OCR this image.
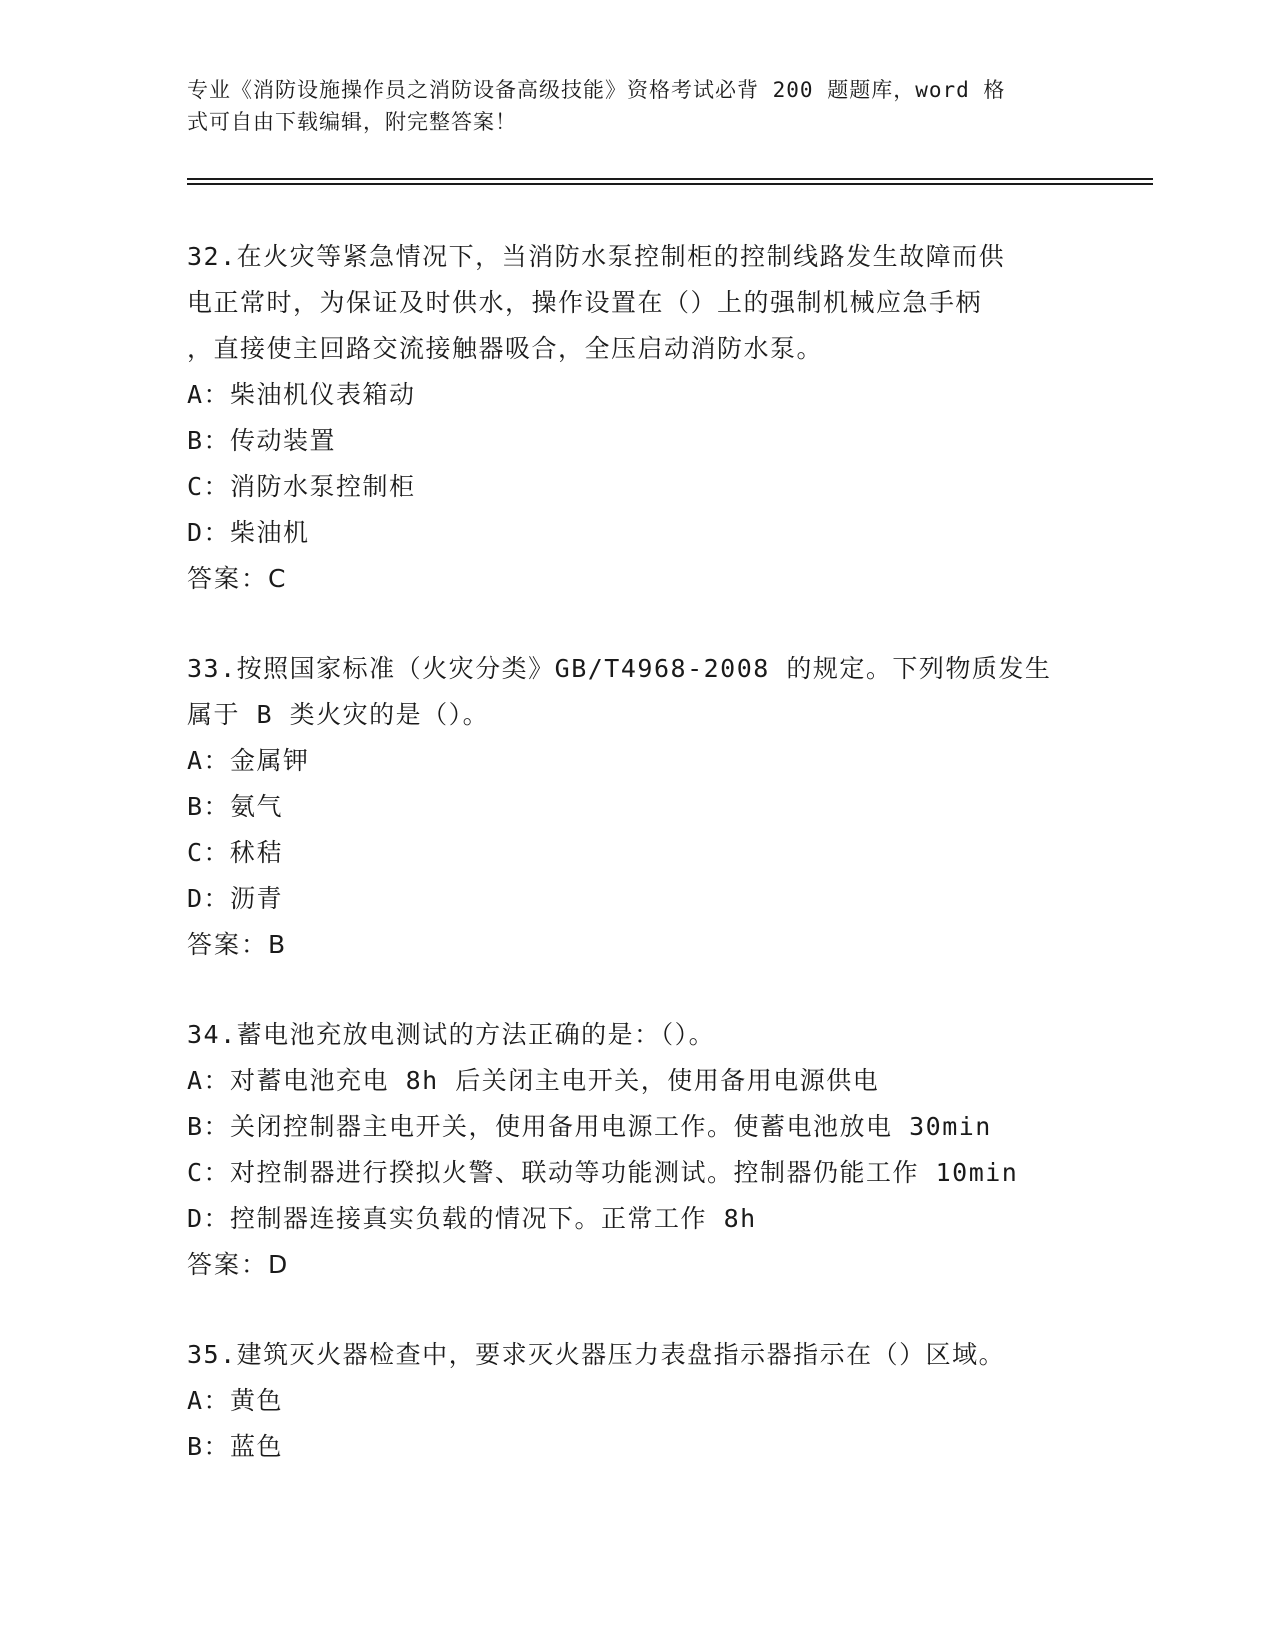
专业《消防设施操作员之消防设备高级技能》资格考试必背 200 题题库，word 格
式可自由下载编辑，附完整答案！
32.在火灾等紧急情况下，当消防水泵控制柜的控制线路发生故障而供
电正常时，为保证及时供水，操作设置在（）上的强制机械应急手柄
，直接使主回路交流接触器吸合，全压启动消防水泵。
A：柴油机仪表箱动
B：传动装置
C：消防水泵控制柜
D：柴油机
答案：C
33.按照国家标准（火灾分类》GB/T4968-2008 的规定。下列物质发生
属于 B 类火灾的是（）。
A：金属钾
B：氨气
C：秫秸
D：沥青
答案：B
34.蓄电池充放电测试的方法正确的是：（）。
A：对蓄电池充电 8h 后关闭主电开关，使用备用电源供电
B：关闭控制器主电开关，使用备用电源工作。使蓄电池放电 30min
C：对控制器进行揆拟火警、联动等功能测试。控制器仍能工作 10min
D：控制器连接真实负载的情况下。正常工作 8h
答案：D
35.建筑灭火器检查中，要求灭火器压力表盘指示器指示在（）区域。
A：黄色
B：蓝色
